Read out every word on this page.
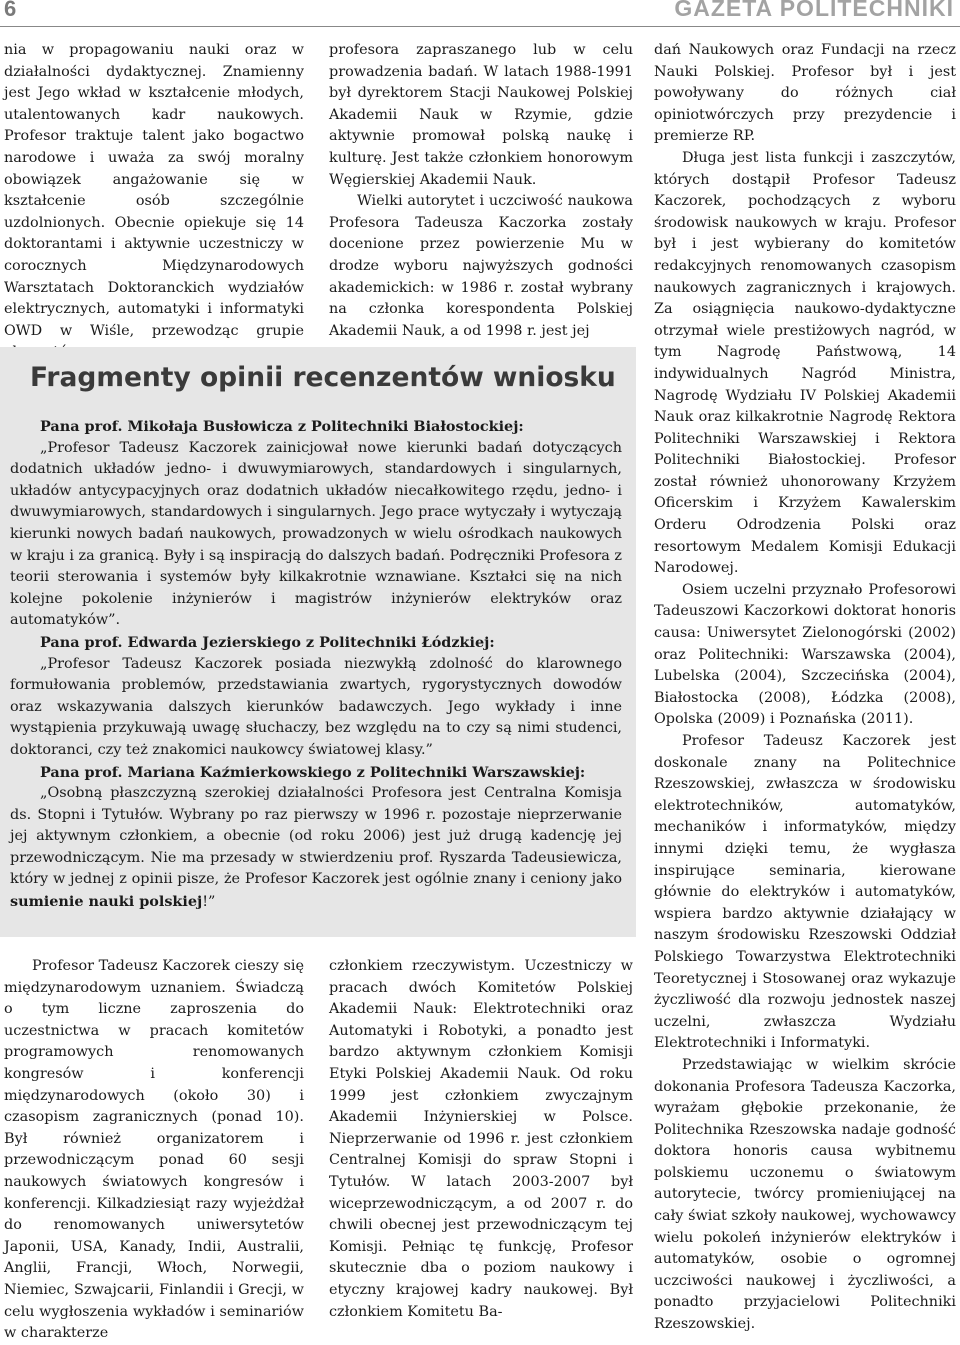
6	GAZETA POLITECHNIKI

nia w propagowaniu nauki oraz w działalności dydaktycznej. Znamienny jest Jego wkład w kształcenie młodych, utalentowanych kadr naukowych. Profesor traktuje talent jako bogactwo narodowe i uważa za swój moralny obowiązek angażowanie się w kształcenie osób szczególnie uzdolnionych. Obecnie opiekuje się 14 doktorantami i aktywnie uczestniczy w corocznych Międzynarodowych Warsztatach Doktoranckich wydziałów elektrycznych, automatyki i informatyki OWD w Wiśle, przewodząc grupie

profesora zapraszanego lub w celu prowadzenia badań. W latach 1988-1991 był dyrektorem Stacji Naukowej Polskiej Akademii Nauk w Rzymie, gdzie aktywnie promował polską naukę i kulturę. Jest także członkiem honorowym Węgierskiej Akademii Nauk.

Wielki autorytet i uczciwość naukowa Profesora Tadeusza Kaczorka zostały docenione przez powierzenie Mu w drodze wyboru najwyższych godności akademickich: w 1986 r. został wybrany na członka korespondenta Polskiej Akademii Nauk, a od 1998 r. jest jej

Fragmenty opinii recenzentów wniosku

Pana prof. Mikołaja Busłowicza z Politechniki Białostockiej:

„Profesor Tadeusz Kaczorek zainicjował nowe kierunki badań dotyczących dodatnich układów jedno- i dwuwymiarowych, standardowych i singularnych, układów antycypacyjnych oraz dodatnich układów niecałkowitego rzędu, jedno- i dwuwymiarowych, standardowych i singularnych. Jego prace wytyczały i wytyczają kierunki nowych badań naukowych, prowadzonych w wielu ośrodkach naukowych w kraju i za granicą. Były i są inspiracją do dalszych badań. Podręczniki Profesora z teorii sterowania i systemów były kilkakrotnie wznawiane. Kształci się na nich kolejne pokolenie inżynierów i magistrów inżynierów elektryków oraz automatyków”.

Pana prof. Edwarda Jezierskiego z Politechniki Łódzkiej:

„Profesor Tadeusz Kaczorek posiada niezwykłą zdolność do klarownego formułowania problemów, przedstawiania zwartych, rygorystycznych dowodów oraz wskazywania dalszych kierunków badawczych. Jego wykłady i inne wystąpienia przykuwają uwagę słuchaczy, bez względu na to czy są nimi studenci, doktoranci, czy też znakomici naukowcy światowej klasy.”

Pana prof. Mariana Kaźmierkowskiego z Politechniki Warszawskiej:

„Osobną płaszczyzną szerokiej działalności Profesora jest Centralna Komisja ds. Stopni i Tytułów. Wybrany po raz pierwszy w 1996 r. pozostaje nieprzerwanie jej aktywnym członkiem, a obecnie (od roku 2006) jest już drugą kadencję jej przewodniczącym. Nie ma przesady w stwierdzeniu prof. Ryszarda Tadeusiewicza, który w jednej z opinii pisze, że Profesor Kaczorek jest ogólnie znany i ceniony jako sumienie nauki polskiej!”

dań Naukowych oraz Fundacji na rzecz Nauki Polskiej. Profesor był i jest powoływany do różnych ciał opiniotwórczych przy prezydencie i premierze RP.

Długa jest lista funkcji i zaszczytów, których dostąpił Profesor Tadeusz Kaczorek, pochodzących z wyboru środowisk naukowych w kraju. Profesor był i jest wybierany do komitetów redakcyjnych renomowanych czasopism naukowych zagranicznych i krajowych. Za osiągnięcia naukowo-dydaktyczne otrzymał wiele prestiżowych nagród, w tym Nagrodę Państwową, 14 indywidualnych Nagród Ministra, Nagrodę Wydziału IV Polskiej Akademii Nauk oraz kilkakrotnie Nagrodę Rektora Politechniki Warszawskiej i Rektora Politechniki Białostockiej. Profesor został również uhonorowany Krzyżem Oficerskim i Krzyżem Kawalerskim Orderu Odrodzenia Polski oraz resortowym Medalem Komisji Edukacji Narodowej.

Osiem uczelni przyznało Profesorowi Tadeuszowi Kaczorkowi doktorat honoris causa: Uniwersytet Zielonogórski (2002) oraz Politechniki: Warszawska (2004), Lubelska (2004), Szczecińska (2004), Białostocka (2008), Łódzka (2008), Opolska (2009) i Poznańska (2011).

Profesor Tadeusz Kaczorek jest doskonale znany na Politechnice Rzeszowskiej, zwłaszcza w środowisku elektrotechników, automatyków, mechaników i informatyków, między innymi dzięki temu, że wygłasza inspirujące seminaria, kierowane głównie do elektryków i automatyków, wspiera bardzo aktywnie działający w naszym środowisku Rzeszowski Oddział Polskiego Towarzystwa Elektrotechniki Teoretycznej i Stosowanej oraz wykazuje życzliwość dla rozwoju jednostek naszej uczelni, zwłaszcza Wydziału Elektrotechniki i Informatyki.

Przedstawiając w wielkim skrócie dokonania Profesora Tadeusza Kaczorka, wyrażam głębokie przekonanie, że Politechnika Rzeszowska nadaje godność doktora honoris causa wybitnemu polskiemu uczonemu o światowym autorytecie, twórcy promieniującej na cały świat szkoły naukowej, wychowawcy wielu pokoleń inżynierów elektryków i automatyków, osobie o ogromnej uczciwości naukowej i życzliwości, a ponadto przyjacielowi Politechniki Rzeszowskiej.

Profesor Tadeusz Kaczorek cieszy się międzynarodowym uznaniem. Świadczą o tym liczne zaproszenia do uczestnictwa w pracach komitetów programowych renomowanych kongresów i konferencji międzynarodowych (około 30) i czasopism zagranicznych (ponad 10). Był również organizatorem i przewodniczącym ponad 60 sesji naukowych światowych kongresów i konferencji. Kilkadziesiąt razy wyjeżdżał do renomowanych uniwersytetów Japonii, USA, Kanady, Indii, Australii, Anglii, Francji, Włoch, Norwegii, Niemiec, Szwajcarii, Finlandii i Grecji, w celu wygłoszenia wykładów i seminariów w charakterze

członkiem rzeczywistym. Uczestniczy w pracach dwóch Komitetów Polskiej Akademii Nauk: Elektrotechniki oraz Automatyki i Robotyki, a ponadto jest bardzo aktywnym członkiem Komisji Etyki Polskiej Akademii Nauk. Od roku 1999 jest członkiem zwyczajnym Akademii Inżynierskiej w Polsce. Nieprzerwanie od 1996 r. jest członkiem Centralnej Komisji do spraw Stopni i Tytułów. W latach 2003-2007 był wiceprzewodniczącym, a od 2007 r. do chwili obecnej jest przewodniczącym tej Komisji. Pełniąc tę funkcję, Profesor skutecznie dba o poziom naukowy i etyczny krajowej kadry naukowej. Był członkiem Komitetu Ba-
